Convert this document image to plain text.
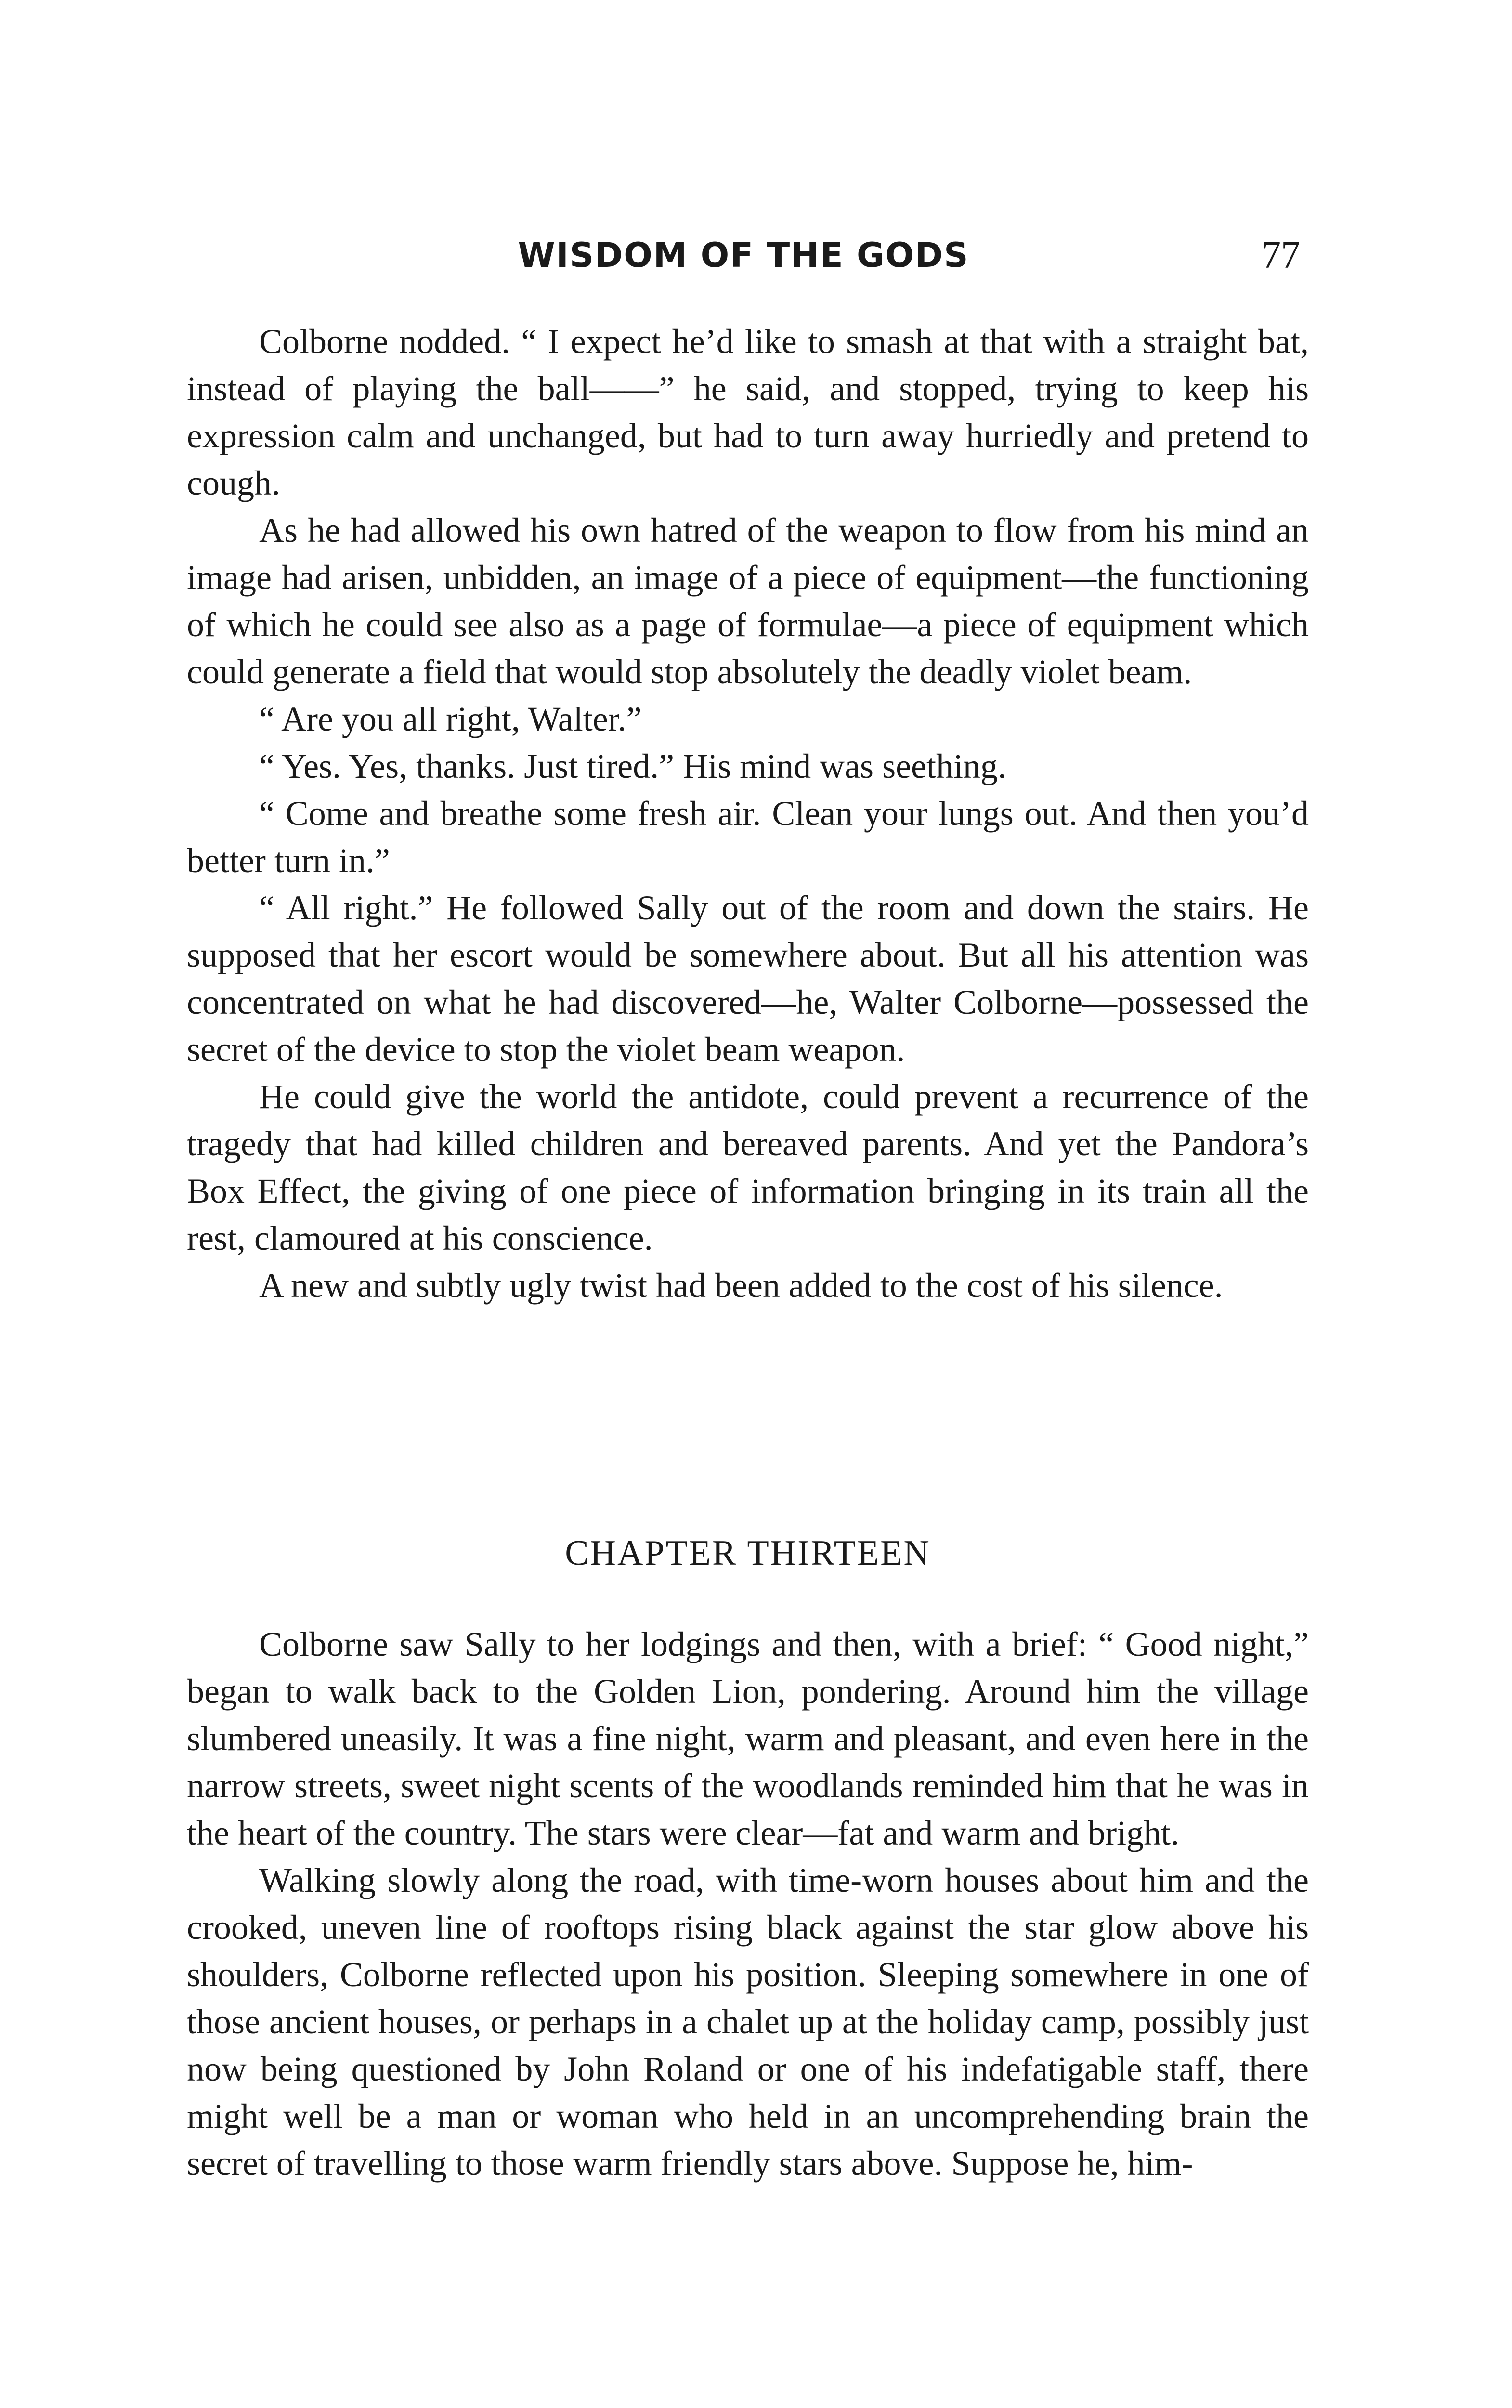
WISDOM OF THE GODS	77

Colborne nodded. “ I expect he’d like to smash at that with a straight bat, instead of playing the ball——” he said, and stopped, trying to keep his expression calm and unchanged, but had to turn away hurriedly and pretend to cough.

As he had allowed his own hatred of the weapon to flow from his mind an image had arisen, unbidden, an image of a piece of equipment—the functioning of which he could see also as a page of formulae—a piece of equipment which could generate a field that would stop absolutely the deadly violet beam.

“ Are you all right, Walter.”

“ Yes. Yes, thanks. Just tired.” His mind was seething.

“ Come and breathe some fresh air. Clean your lungs out. And then you’d better turn in.”

“ All right.” He followed Sally out of the room and down the stairs. He supposed that her escort would be somewhere about. But all his attention was concentrated on what he had discovered—he, Walter Colborne—possessed the secret of the device to stop the violet beam weapon.

He could give the world the antidote, could prevent a recurrence of the tragedy that had killed children and bereaved parents. And yet the Pandora’s Box Effect, the giving of one piece of information bringing in its train all the rest, clamoured at his conscience.

A new and subtly ugly twist had been added to the cost of his silence.

CHAPTER THIRTEEN

Colborne saw Sally to her lodgings and then, with a brief: “ Good night,” began to walk back to the Golden Lion, pondering. Around him the village slumbered uneasily. It was a fine night, warm and pleasant, and even here in the narrow streets, sweet night scents of the woodlands reminded him that he was in the heart of the country. The stars were clear—fat and warm and bright.

Walking slowly along the road, with time-worn houses about him and the crooked, uneven line of rooftops rising black against the star glow above his shoulders, Colborne reflected upon his position. Sleeping somewhere in one of those ancient houses, or perhaps in a chalet up at the holiday camp, possibly just now being questioned by John Roland or one of his indefatigable staff, there might well be a man or woman who held in an uncomprehending brain the secret of travelling to those warm friendly stars above. Suppose he, him-
